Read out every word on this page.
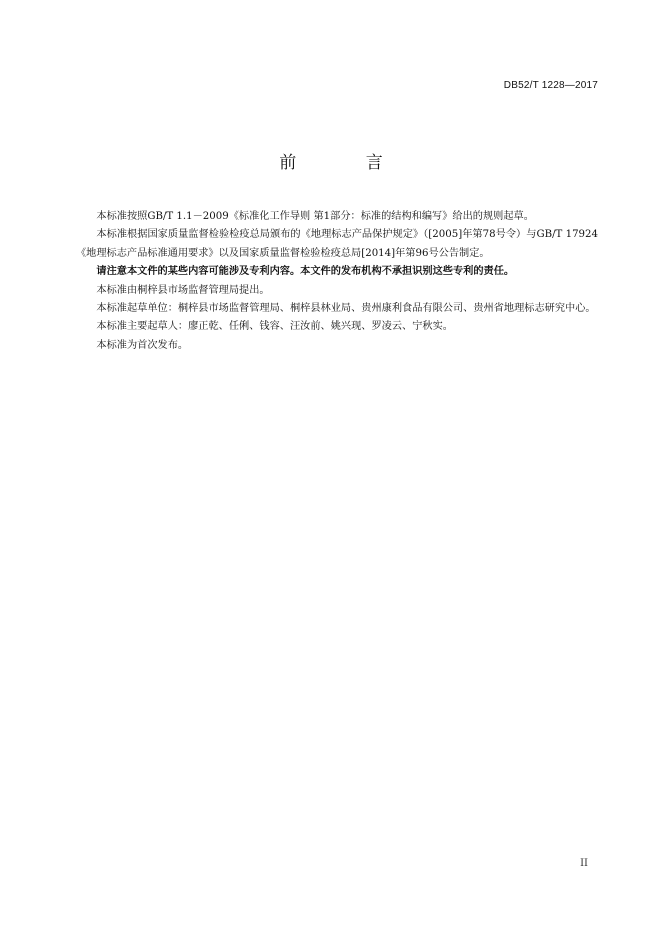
DB52/T 1228—2017
前 言

本标准按照GB/T 1.1－2009《标准化工作导则 第1部分：标准的结构和编写》给出的规则起草。

本标准根据国家质量监督检验检疫总局颁布的《地理标志产品保护规定》（[2005]年第78号令）与GB/T 17924《地理标志产品标准通用要求》以及国家质量监督检验检疫总局[2014]年第96号公告制定。

请注意本文件的某些内容可能涉及专利内容。本文件的发布机构不承担识别这些专利的责任。

本标准由桐梓县市场监督管理局提出。

本标准起草单位：桐梓县市场监督管理局、桐梓县林业局、贵州康利食品有限公司、贵州省地理标志研究中心。

本标准主要起草人：廖正乾、任俐、钱容、汪汝前、姚兴现、罗凌云、宁秋实。

本标准为首次发布。

II
